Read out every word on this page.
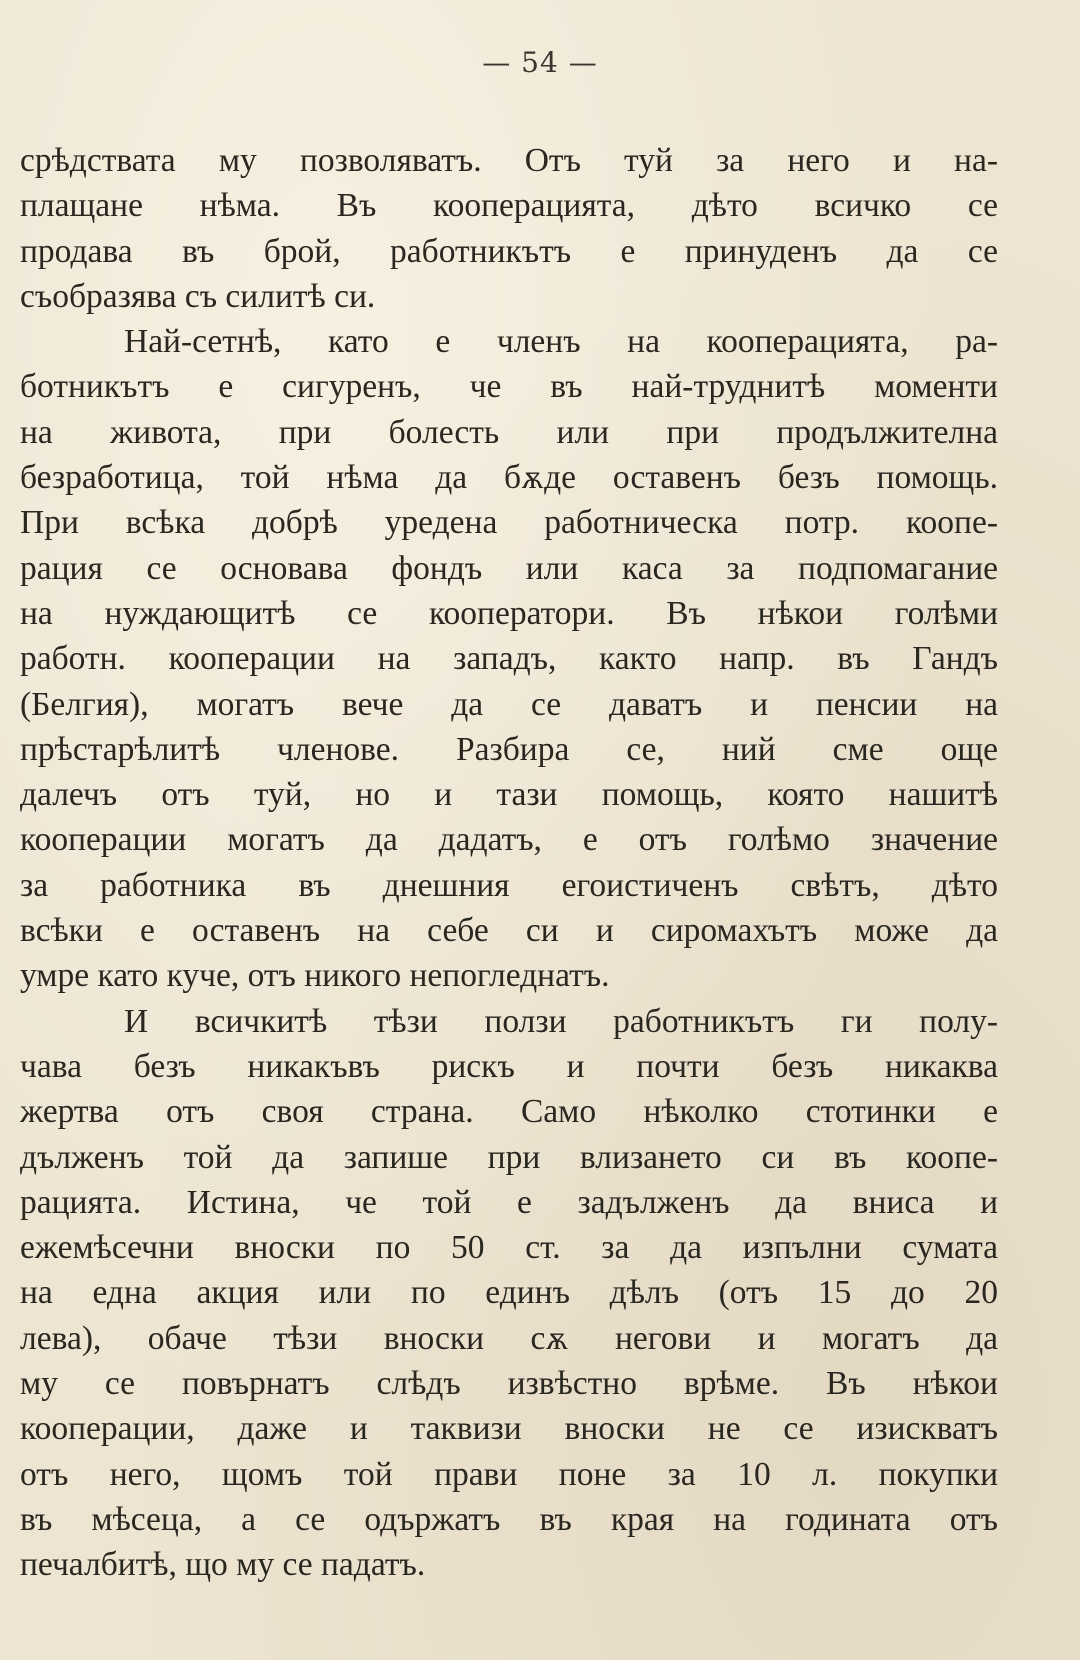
— 54 —
срѣдствата му позволяватъ. Отъ туй за него и на-
плащане нѣма. Въ кооперацията, дѣто всичко се
продава въ брой, работникътъ е принуденъ да се
съобразява съ силитѣ си.
Най-сетнѣ, като е членъ на кооперацията, ра-
ботникътъ е сигуренъ, че въ най-труднитѣ моменти
на живота, при болесть или при продължителна
безработица, той нѣма да бѫде оставенъ безъ помощь.
При всѣка добрѣ уредена работническа потр. коопе-
рация се основава фондъ или каса за подпомагание
на нуждающитѣ се кооператори. Въ нѣкои голѣми
работн. кооперации на западъ, както напр. въ Гандъ
(Белгия), могатъ вече да се даватъ и пенсии на
прѣстарѣлитѣ членове. Разбира се, ний сме още
далечъ отъ туй, но и тази помощь, която нашитѣ
кооперации могатъ да дадатъ, е отъ голѣмо значение
за работника въ днешния егоистиченъ свѣтъ, дѣто
всѣки е оставенъ на себе си и сиромахътъ може да
умре като куче, отъ никого непогледнатъ.
И всичкитѣ тѣзи ползи работникътъ ги полу-
чава безъ никакъвъ рискъ и почти безъ никаква
жертва отъ своя страна. Само нѣколко стотинки е
дълженъ той да запише при влизането си въ коопе-
рацията. Истина, че той е задълженъ да вниса и
ежемѣсечни вноски по 50 ст. за да изпълни сумата
на една акция или по единъ дѣлъ (отъ 15 до 20
лева), обаче тѣзи вноски сѫ негови и могатъ да
му се повърнатъ слѣдъ извѣстно врѣме. Въ нѣкои
кооперации, даже и таквизи вноски не се изискватъ
отъ него, щомъ той прави поне за 10 л. покупки
въ мѣсеца, а се одържатъ въ края на годината отъ
печалбитѣ, що му се падатъ.
